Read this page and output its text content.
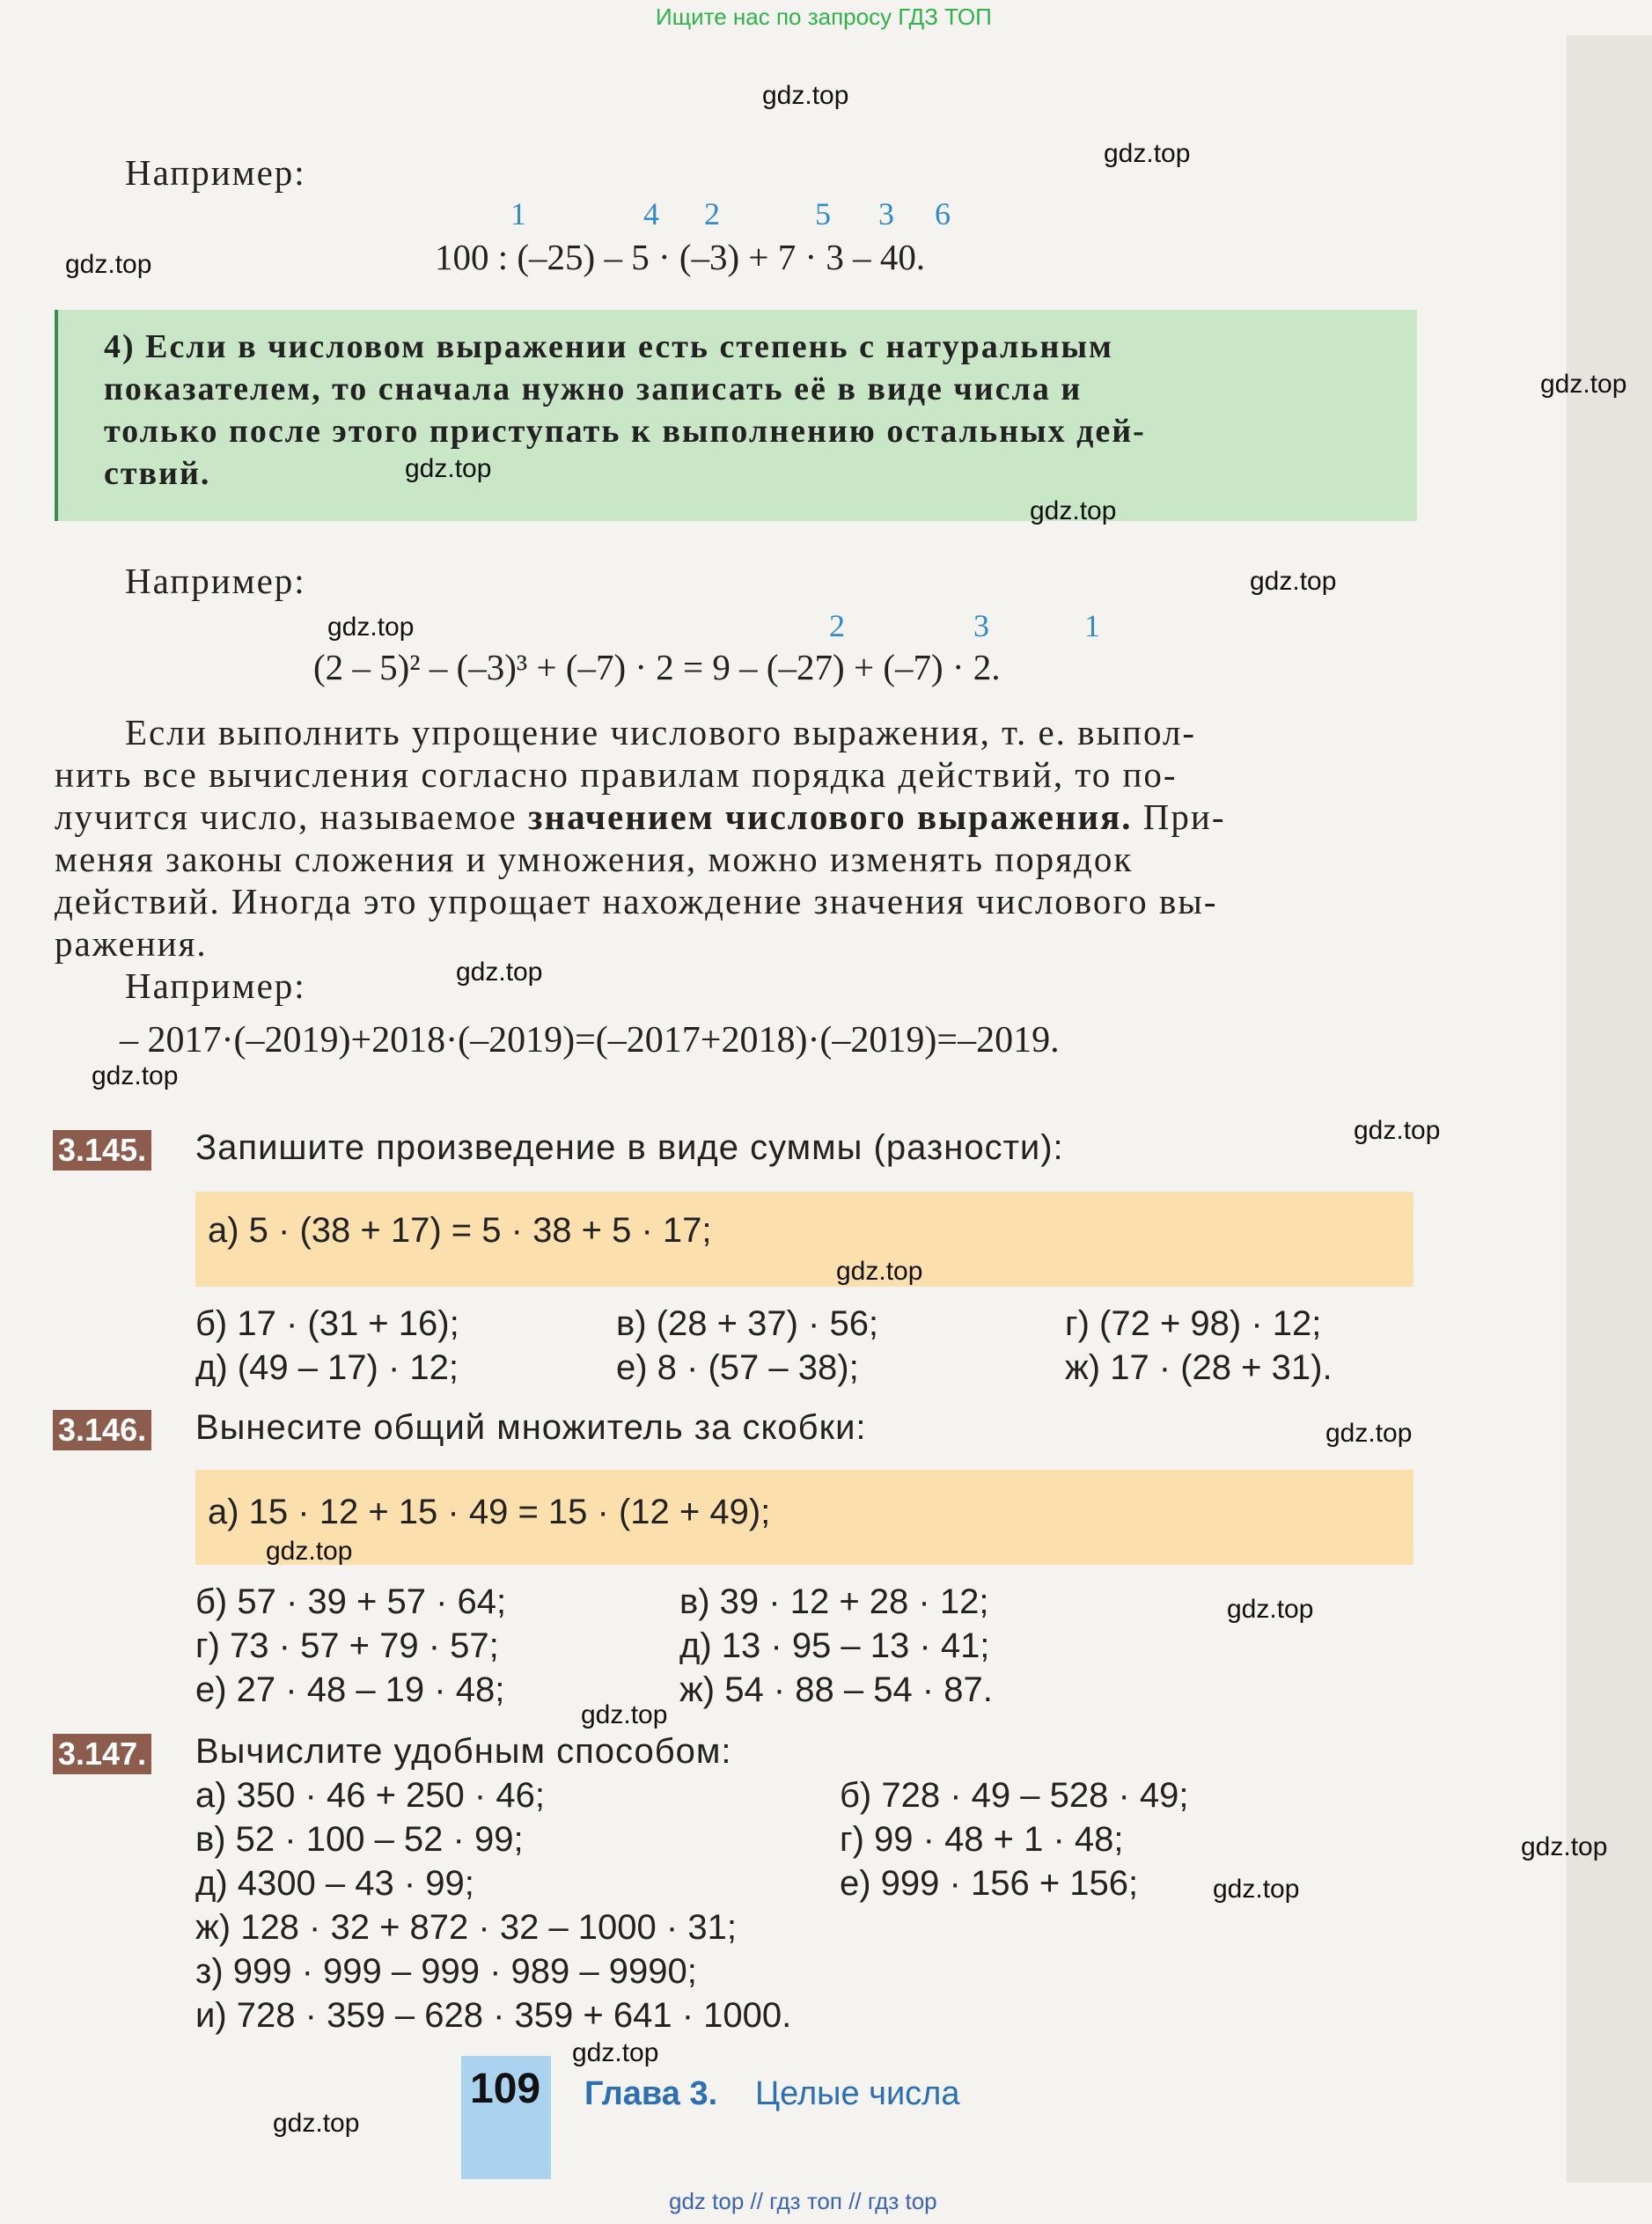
Ищите нас по запросу ГДЗ ТОП
Например:
1	4 2	5 3 6
100 : (–25) – 5 · (–3) + 7 · 3 – 40.
4) Если в числовом выражении есть степень с натуральным
показателем, то сначала нужно записать её в виде числа и
только после этого приступать к выполнению остальных дей-
ствий.
Например:
2	3	1
(2 – 5)² – (–3)³ + (–7) · 2 = 9 – (–27) + (–7) · 2.
Если выполнить упрощение числового выражения, т. е. выпол-
нить все вычисления согласно правилам порядка действий, то по-
лучится число, называемое значением числового выражения. При-
меняя законы сложения и умножения, можно изменять порядок
действий. Иногда это упрощает нахождение значения числового вы-
ражения.
Например:
– 2017·(–2019)+2018·(–2019)=(–2017+2018)·(–2019)=–2019.
3.145. Запишите произведение в виде суммы (разности):
а) 5 · (38 + 17) = 5 · 38 + 5 · 17;
б) 17 · (31 + 16);	в) (28 + 37) · 56;	г) (72 + 98) · 12;
д) (49 – 17) · 12;	е) 8 · (57 – 38);	ж) 17 · (28 + 31).
3.146. Вынесите общий множитель за скобки:
а) 15 · 12 + 15 · 49 = 15 · (12 + 49);
б) 57 · 39 + 57 · 64;	в) 39 · 12 + 28 · 12;
г) 73 · 57 + 79 · 57;	д) 13 · 95 – 13 · 41;
е) 27 · 48 – 19 · 48;	ж) 54 · 88 – 54 · 87.
3.147. Вычислите удобным способом:
а) 350 · 46 + 250 · 46;	б) 728 · 49 – 528 · 49;
в) 52 · 100 – 52 · 99;	г) 99 · 48 + 1 · 48;
д) 4300 – 43 · 99;	е) 999 · 156 + 156;
ж) 128 · 32 + 872 · 32 – 1000 · 31;
з) 999 · 999 – 999 · 989 – 9990;
и) 728 · 359 – 628 · 359 + 641 · 1000.
109 Глава 3. Целые числа
gdz top // гдз топ // гдз top
gdz.top
gdz.top
gdz.top
gdz.top
gdz.top
gdz.top
gdz.top
gdz.top
gdz.top
gdz.top
gdz.top
gdz.top
gdz.top
gdz.top
gdz.top
gdz.top
gdz.top
gdz.top
gdz.top
gdz.top
